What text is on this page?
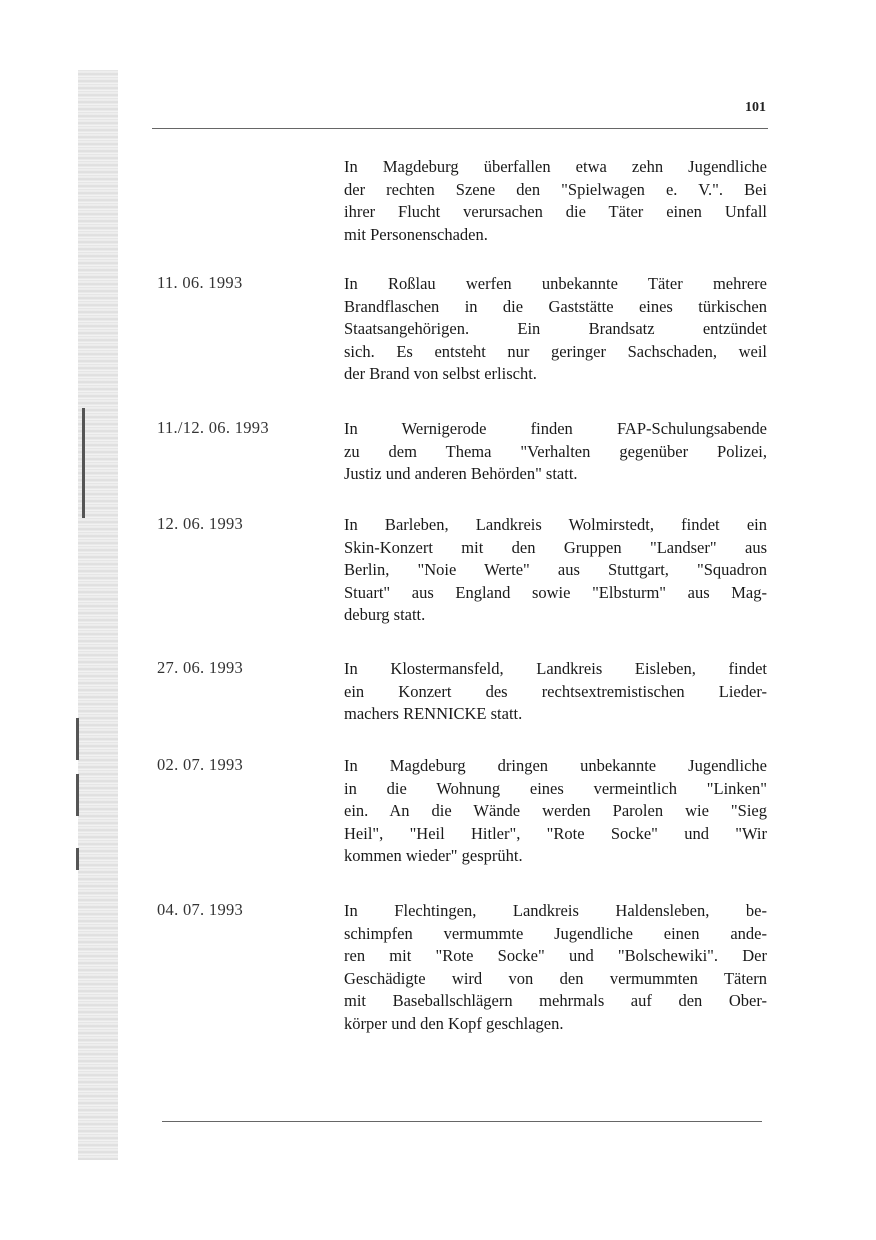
101

In Magdeburg überfallen etwa zehn Jugendliche
der rechten Szene den "Spielwagen e. V.". Bei
ihrer Flucht verursachen die Täter einen Unfall
mit Personenschaden.

11. 06. 1993	In Roßlau werfen unbekannte Täter mehrere
Brandflaschen in die Gaststätte eines türkischen
Staatsangehörigen. Ein Brandsatz entzündet
sich. Es entsteht nur geringer Sachschaden, weil
der Brand von selbst erlischt.

11./12. 06. 1993	In Wernigerode finden FAP-Schulungsabende
zu dem Thema "Verhalten gegenüber Polizei,
Justiz und anderen Behörden" statt.

12. 06. 1993	In Barleben, Landkreis Wolmirstedt, findet ein
Skin-Konzert mit den Gruppen "Landser" aus
Berlin, "Noie Werte" aus Stuttgart, "Squadron
Stuart" aus England sowie "Elbsturm" aus Mag-
deburg statt.

27. 06. 1993	In Klostermansfeld, Landkreis Eisleben, findet
ein Konzert des rechtsextremistischen Lieder-
machers RENNICKE statt.

02. 07. 1993	In Magdeburg dringen unbekannte Jugendliche
in die Wohnung eines vermeintlich "Linken"
ein. An die Wände werden Parolen wie "Sieg
Heil", "Heil Hitler", "Rote Socke" und "Wir
kommen wieder" gesprüht.

04. 07. 1993	In Flechtingen, Landkreis Haldensleben, be-
schimpfen vermummte Jugendliche einen ande-
ren mit "Rote Socke" und "Bolschewiki". Der
Geschädigte wird von den vermummten Tätern
mit Baseballschlägern mehrmals auf den Ober-
körper und den Kopf geschlagen.
